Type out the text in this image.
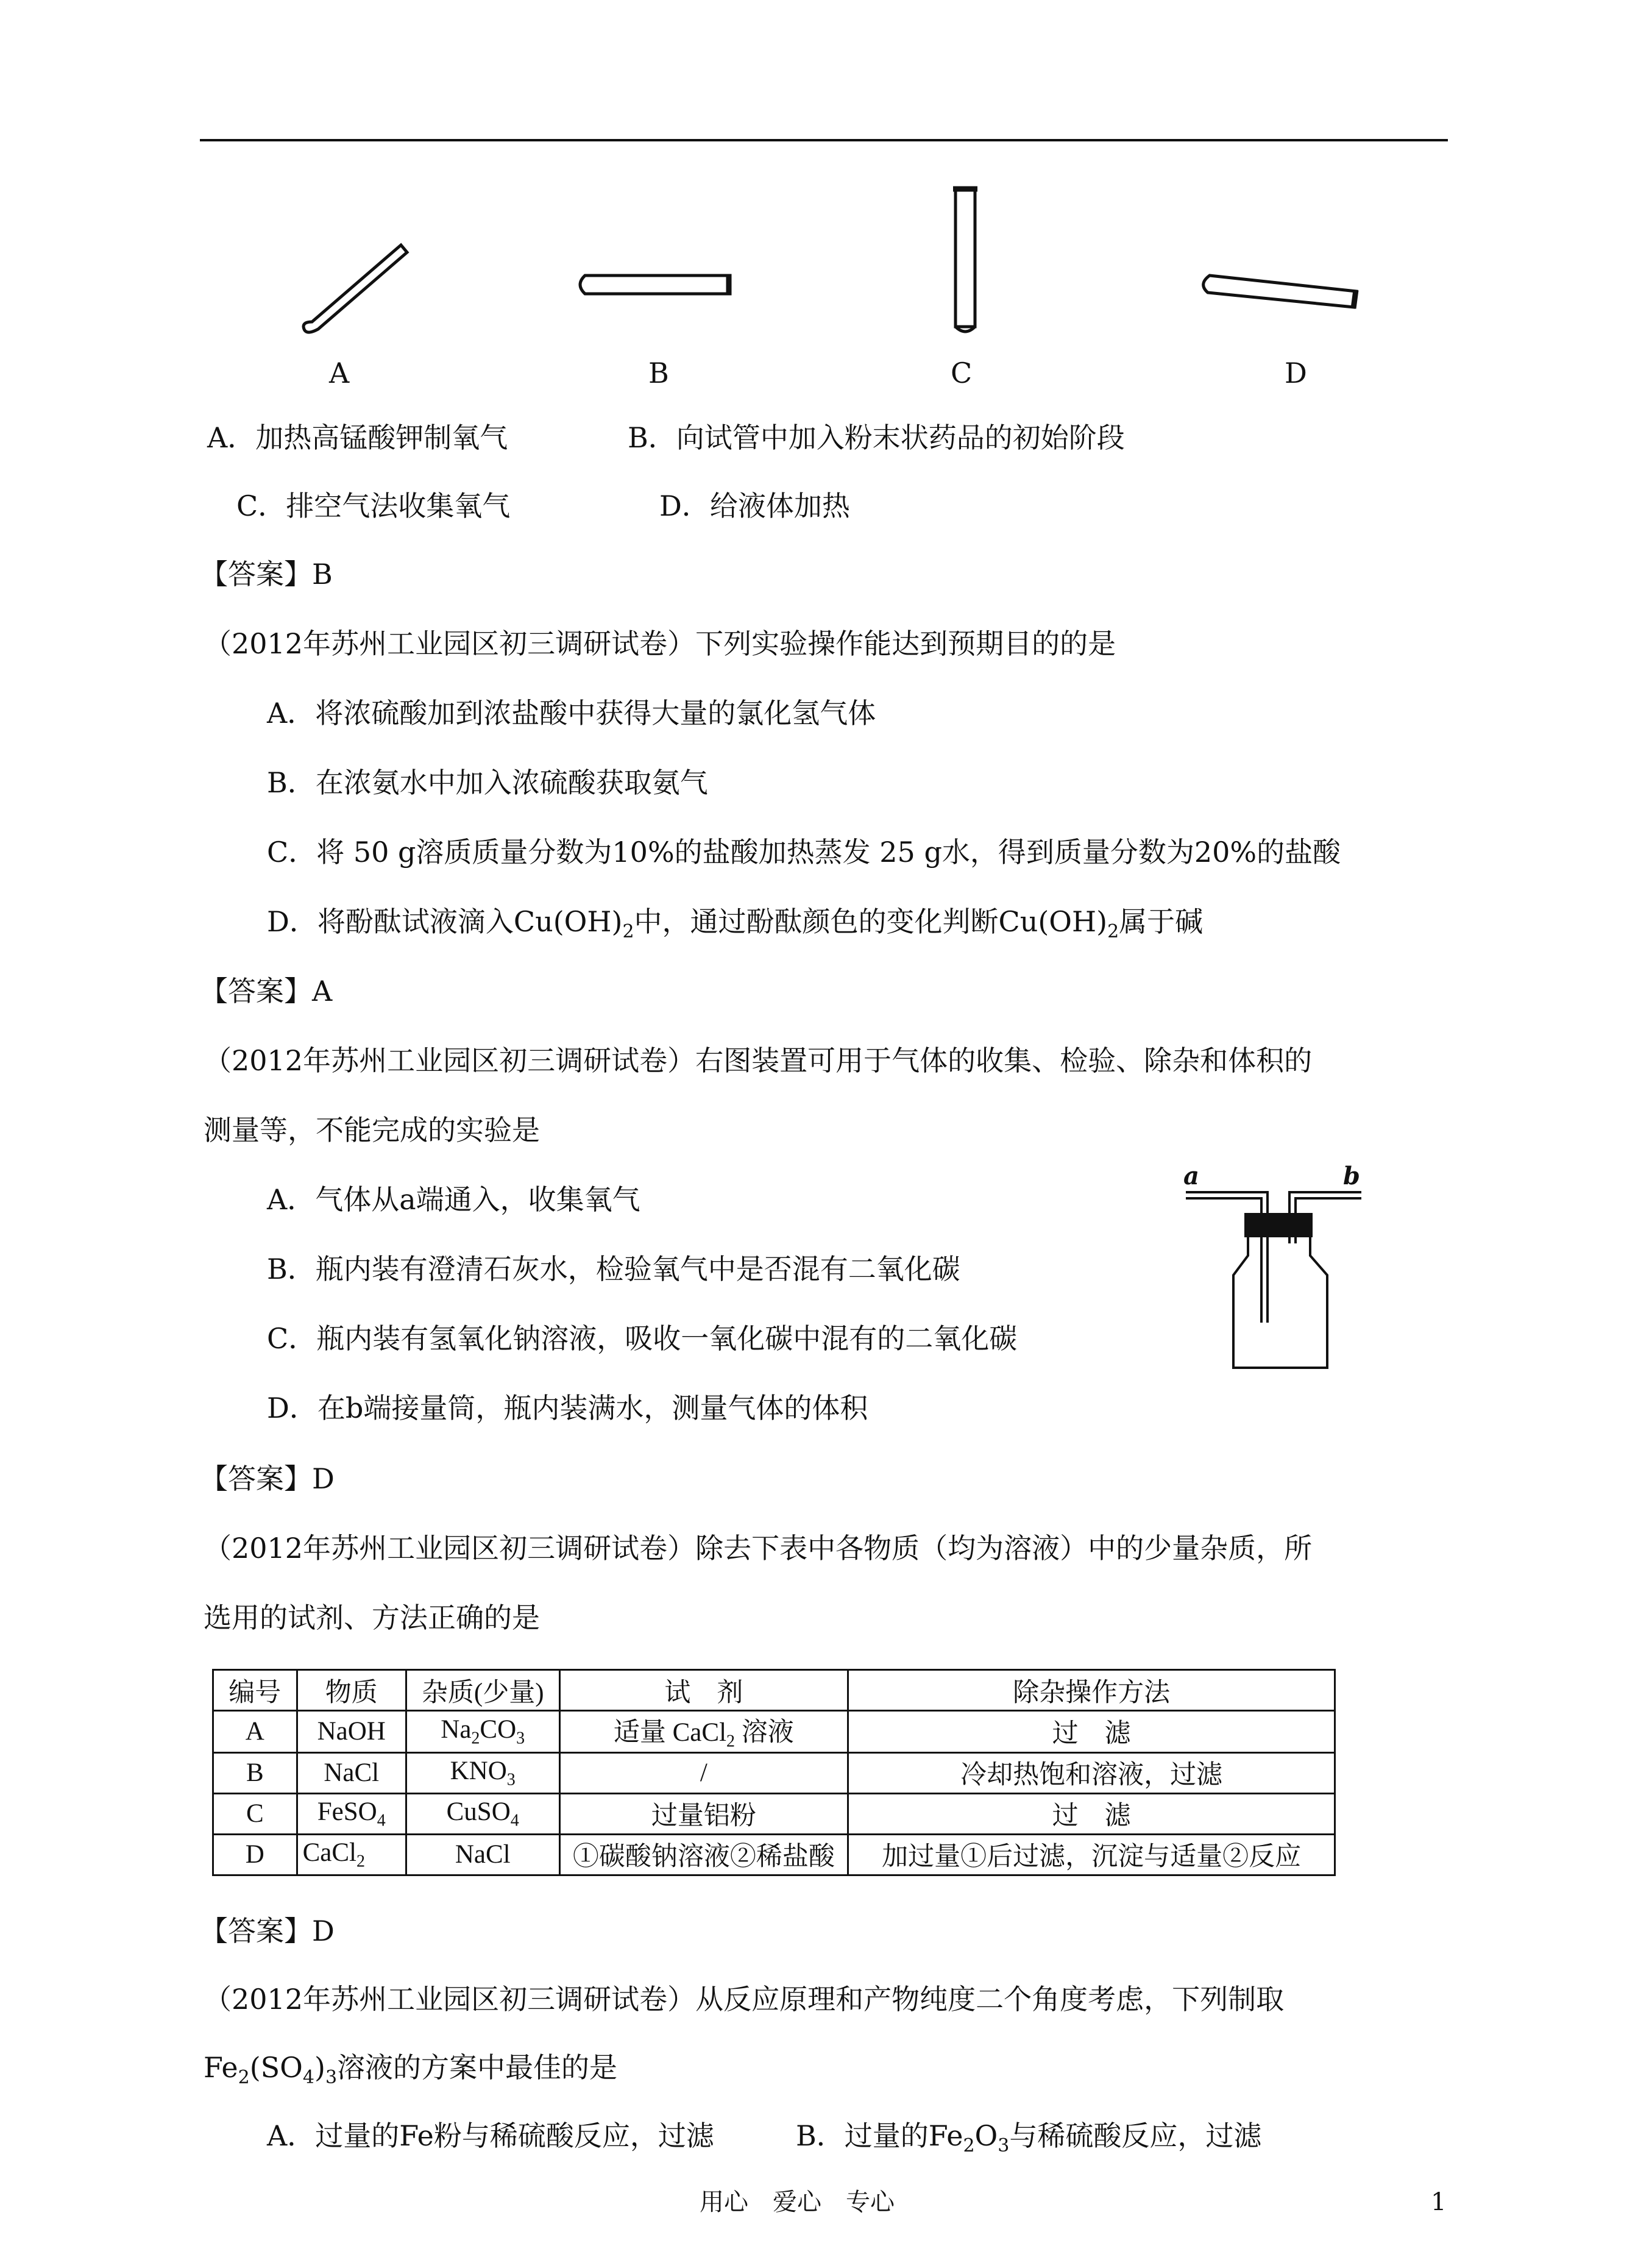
A	B	C	D
A．加热高锰酸钾制氧气	B．向试管中加入粉末状药品的初始阶段
C．排空气法收集氧气	D．给液体加热
【答案】B
（2012年苏州工业园区初三调研试卷）下列实验操作能达到预期目的的是
A．将浓硫酸加到浓盐酸中获得大量的氯化氢气体
B．在浓氨水中加入浓硫酸获取氨气
C．将 50 g溶质质量分数为10%的盐酸加热蒸发 25 g水，得到质量分数为20%的盐酸
D．将酚酞试液滴入$Cu(OH)_2$中，通过酚酞颜色的变化判断$Cu(OH)_2$属于碱
【答案】A
（2012年苏州工业园区初三调研试卷）右图装置可用于气体的收集、检验、除杂和体积的
测量等，不能完成的实验是
A．气体从a端通入，收集氧气
B．瓶内装有澄清石灰水，检验氧气中是否混有二氧化碳
C．瓶内装有氢氧化钠溶液，吸收一氧化碳中混有的二氧化碳
D．在b端接量筒，瓶内装满水，测量气体的体积
【答案】D
a	b
（2012年苏州工业园区初三调研试卷）除去下表中各物质（均为溶液）中的少量杂质，所
选用的试剂、方法正确的是
编号	物质	杂质(少量)	试　剂	除杂操作方法
A	NaOH	$Na_2CO_3$	适量 CaCl$_2$ 溶液	过　滤
B	NaCl	$KNO_3$	/	冷却热饱和溶液，过滤
C	FeSO$_4$	CuSO$_4$	过量铝粉	过　滤
D	CaCl$_2$	NaCl	①碳酸钠溶液②稀盐酸	加过量①后过滤，沉淀与适量②反应
【答案】D
（2012年苏州工业园区初三调研试卷）从反应原理和产物纯度二个角度考虑，下列制取
$Fe_2(SO_4)_3$溶液的方案中最佳的是
A．过量的Fe粉与稀硫酸反应，过滤	B．过量的$Fe_2O_3$与稀硫酸反应，过滤
用心　爱心　专心	1
